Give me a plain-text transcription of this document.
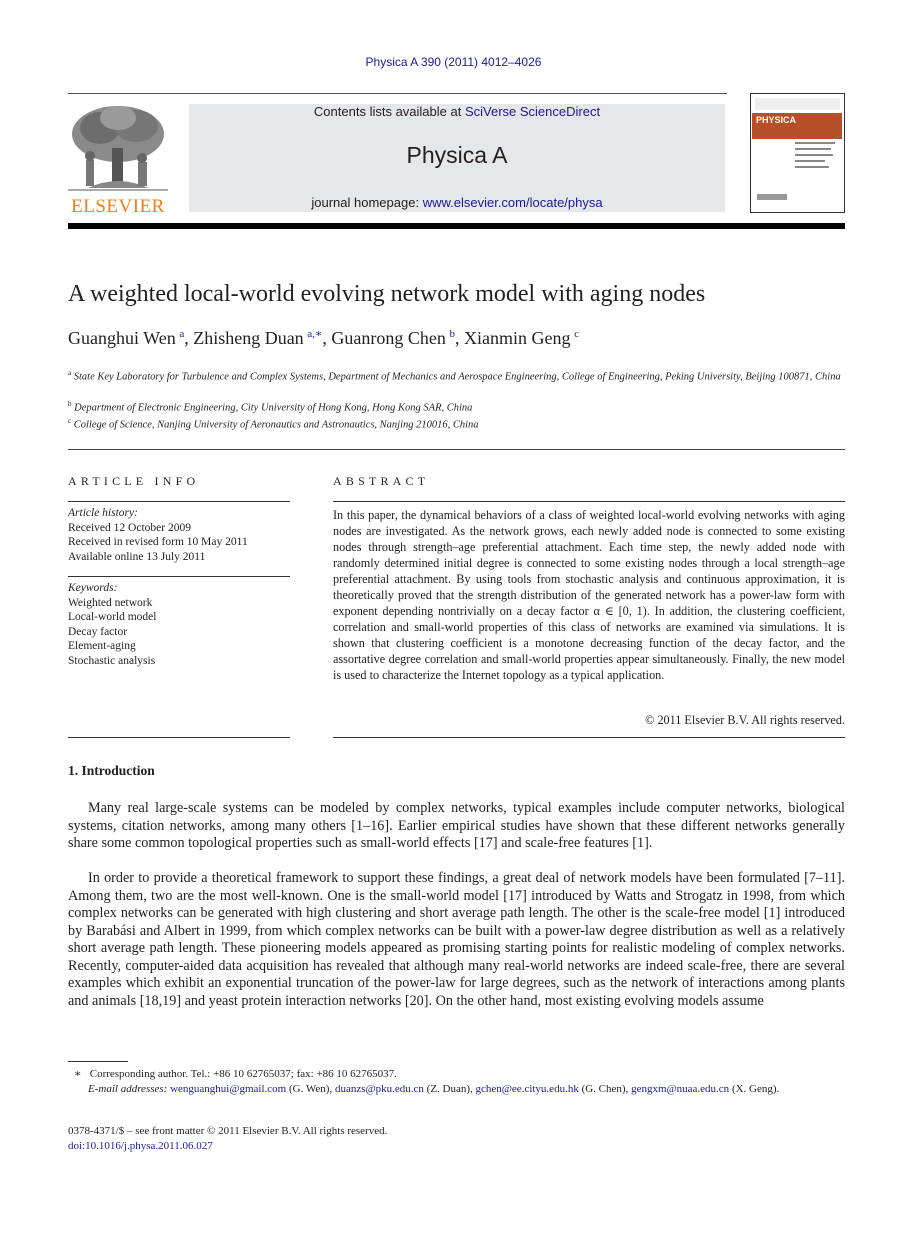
Physica A 390 (2011) 4012–4026
ELSEVIER
Contents lists available at SciVerse ScienceDirect
Physica A
journal homepage: www.elsevier.com/locate/physa
PHYSICA
A weighted local-world evolving network model with aging nodes
Guanghui Wen  $^a$, Zhisheng Duan  $^{a,∗}$, Guanrong Chen  $^b$, Xianmin Geng  $^c$
$^a$ State Key Laboratory for Turbulence and Complex Systems, Department of Mechanics and Aerospace Engineering, College of Engineering, Peking University, Beijing 100871, China
$^b$ Department of Electronic Engineering, City University of Hong Kong, Hong Kong SAR, China
$^c$ College of Science, Nanjing University of Aeronautics and Astronautics, Nanjing 210016, China
ARTICLE INFO
Article history:
Received 12 October 2009
Received in revised form 10 May 2011
Available online 13 July 2011
Keywords:
Weighted network
Local-world model
Decay factor
Element-aging
Stochastic analysis
ABSTRACT
In this paper, the dynamical behaviors of a class of weighted local-world evolving networks with aging nodes are investigated. As the network grows, each newly added node is connected to some existing nodes through strength–age preferential attachment. Each time step, the newly added node with randomly determined initial degree is connected to some existing nodes through a local strength–age preferential attachment. By using tools from stochastic analysis and continuous approximation, it is theoretically proved that the strength distribution of the generated network has a power-law form with exponent depending nontrivially on a decay factor α ∈ [0, 1). In addition, the clustering coefficient, correlation and small-world properties of this class of networks are examined via simulations. It is shown that clustering coefficient is a monotone decreasing function of the decay factor, and the assortative degree correlation and small-world properties appear simultaneously. Finally, the new model is used to characterize the Internet topology as a typical application.
© 2011 Elsevier B.V. All rights reserved.
1. Introduction
Many real large-scale systems can be modeled by complex networks, typical examples include computer networks, biological systems, citation networks, among many others [1–16]. Earlier empirical studies have shown that these different networks generally share some common topological properties such as small-world effects [17] and scale-free features [1].
In order to provide a theoretical framework to support these findings, a great deal of network models have been formulated [7–11]. Among them, two are the most well-known. One is the small-world model [17] introduced by Watts and Strogatz in 1998, from which complex networks can be generated with high clustering and short average path length. The other is the scale-free model [1] introduced by Barabási and Albert in 1999, from which complex networks can be built with a power-law degree distribution as well as a relatively short average path length. These pioneering models appeared as promising starting points for realistic modeling of complex networks. Recently, computer-aided data acquisition has revealed that although many real-world networks are indeed scale-free, there are several examples which exhibit an exponential truncation of the power-law for large degrees, such as the network of interactions among plants and animals [18,19] and yeast protein interaction networks [20]. On the other hand, most existing evolving models assume
∗ Corresponding author. Tel.: +86 10 62765037; fax: +86 10 62765037.
E-mail addresses: wenguanghui@gmail.com (G. Wen), duanzs@pku.edu.cn (Z. Duan), gchen@ee.cityu.edu.hk (G. Chen), gengxm@nuaa.edu.cn (X. Geng).
0378-4371/$ – see front matter © 2011 Elsevier B.V. All rights reserved.
doi:10.1016/j.physa.2011.06.027
